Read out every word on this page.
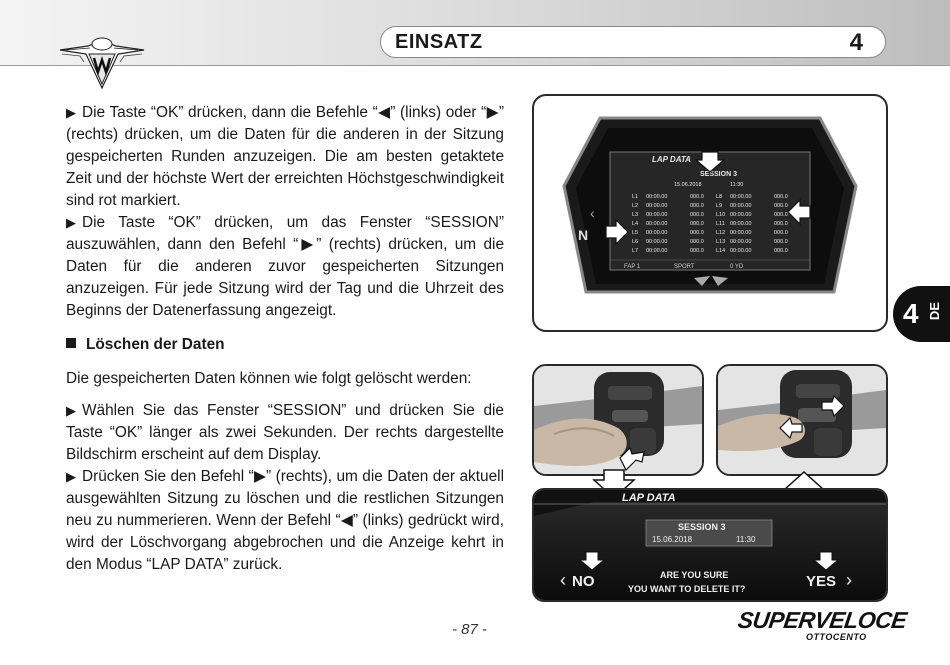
EINSATZ	4

▶ Die Taste “OK” drücken, dann die Befehle “◀” (links) oder “▶” (rechts) drücken, um die Daten für die anderen in der Sitzung gespeicherten Runden anzuzeigen. Die am besten getaktete Zeit und der höchste Wert der erreichten Höchstgeschwindigkeit sind rot markiert.

▶ Die Taste “OK” drücken, um das Fenster “SESSION” auszuwählen, dann den Befehl “▶” (rechts) drücken, um die Daten für die anderen zuvor gespeicherten Sitzungen anzuzeigen. Für jede Sitzung wird der Tag und die Uhrzeit des Beginns der Datenerfassung angezeigt.

Löschen der Daten

Die gespeicherten Daten können wie folgt gelöscht werden:

▶ Wählen Sie das Fenster “SESSION” und drücken Sie die Taste “OK” länger als zwei Sekunden. Der rechts dargestellte Bildschirm erscheint auf dem Display.

▶ Drücken Sie den Befehl “▶” (rechts), um die Daten der aktuell ausgewählten Sitzung zu löschen und die restlichen Sitzungen neu zu nummerieren. Wenn der Befehl “◀” (links) gedrückt wird, wird der Löschvorgang abgebrochen und die Anzeige kehrt in den Modus “LAP DATA” zurück.

LAP DATA
SESSION 3
15.06.2018	11:30
L1 00:00.00	000.0
L2 00:00.00	000.0
L3 00:00.00	000.0
L4 00:00.00	000.0
L5 00:00.00	000.0
L6 00:00.00	000.0
L7 00:00.00	000.0
L8 00:00.00	000.0
L9 00:00.00	000.0
L10 00:00.00	000.0
L11 00:00.00	000.0
L12 00:00.00	000.0
L13 00:00.00	000.0
L14 00:00.00	000.0
FAP 1	SPORT	0 YD
N
‹
LAP DATA
SESSION 3
15.06.2018	11:30
‹ NO	YES ›
ARE YOU SURE
YOU WANT TO DELETE IT?
4 DE
- 87 -	SUPERVELOCE
OTTOCENTO
